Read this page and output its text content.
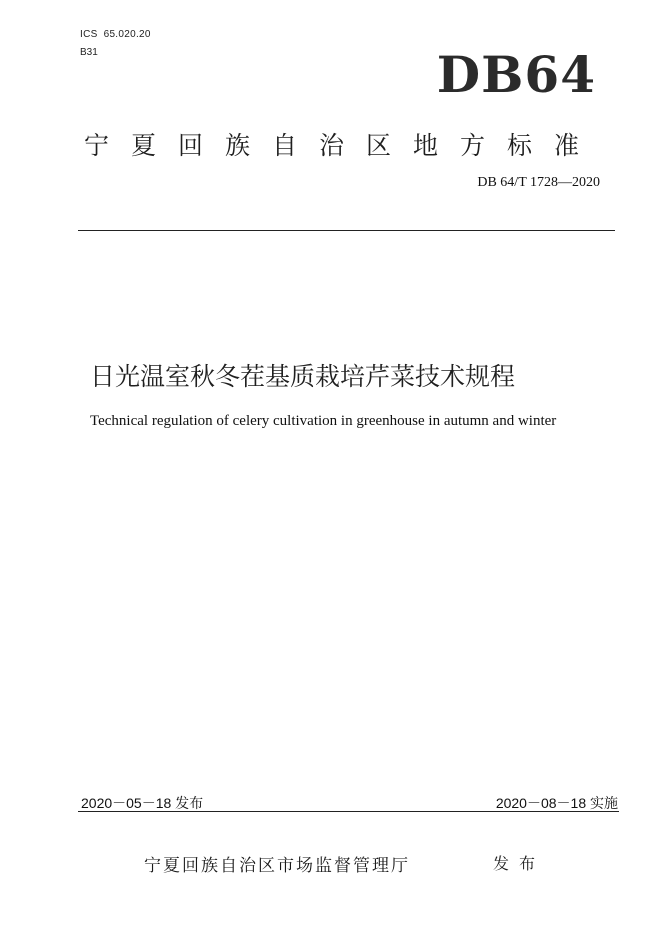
ICS 65.020.20
B31	DB64
宁夏回族自治区地方标准
DB 64/T 1728—2020
日光温室秋冬茬基质栽培芹菜技术规程
Technical regulation of celery cultivation in greenhouse in autumn and winter
2020－05－18 发布	2020－08－18 实施
宁夏回族自治区市场监督管理厅	发布
